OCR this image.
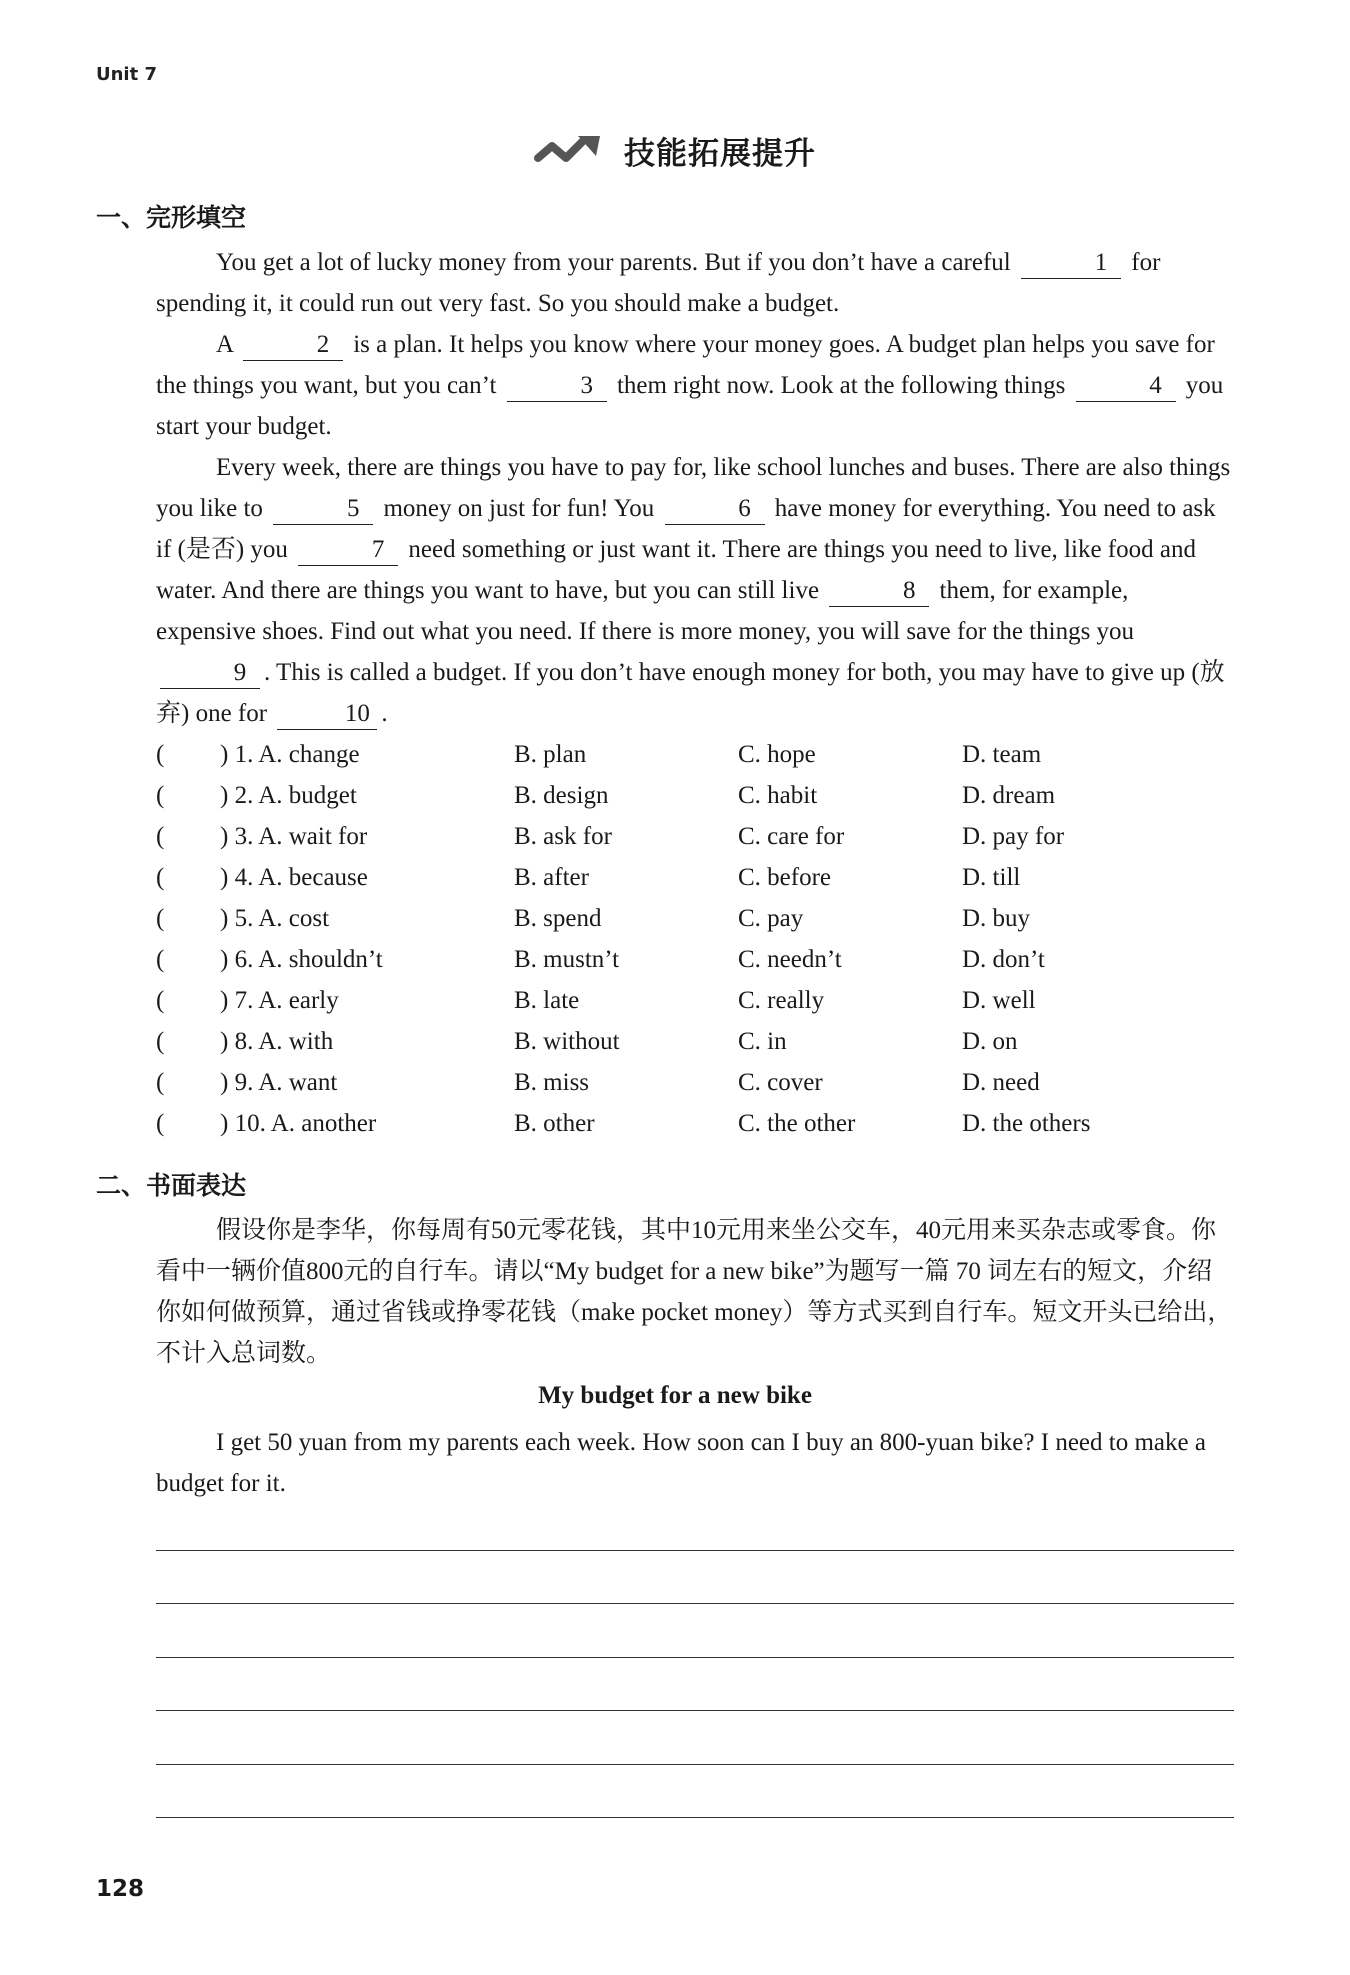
Unit 7
技能拓展提升
一、完形填空

You get a lot of lucky money from your parents. But if you don’t have a careful	1 for spending it, it could run out very fast. So you should make a budget.

A	2 is a plan. It helps you know where your money goes. A budget plan helps you save for the things you want, but you can’t	3 them right now. Look at the following things	4 you start your budget.

Every week, there are things you have to pay for, like school lunches and buses. There are also things you like to	5 money on just for fun! You	6 have money for everything. You need to ask if (是否) you	7 need something or just want it. There are things you need to live, like food and water. And there are things you want to have, but you can still live	8 them, for example, expensive shoes. Find out what you need. If there is more money, you will save for the things you 9 . This is called a budget. If you don’t have enough money for both, you may have to give up (放弃) one for	10 .

( ) 1. A. change	B. plan	C. hope	D. team
( ) 2. A. budget	B. design	C. habit	D. dream
( ) 3. A. wait for	B. ask for	C. care for	D. pay for
( ) 4. A. because	B. after	C. before	D. till
( ) 5. A. cost	B. spend	C. pay	D. buy
( ) 6. A. shouldn’t	B. mustn’t	C. needn’t	D. don’t
( ) 7. A. early	B. late	C. really	D. well
( ) 8. A. with	B. without	C. in	D. on
( ) 9. A. want	B. miss	C. cover	D. need
( ) 10. A. another	B. other	C. the other	D. the others
二、书面表达

假设你是李华，你每周有50元零花钱，其中10元用来坐公交车，40元用来买杂志或零食。你看中一辆价值800元的自行车。请以“My budget for a new bike”为题写一篇 70 词左右的短文，介绍你如何做预算，通过省钱或挣零花钱（make pocket money）等方式买到自行车。短文开头已给出，不计入总词数。

My budget for a new bike

I get 50 yuan from my parents each week. How soon can I buy an 800-yuan bike? I need to make a budget for it.

128
